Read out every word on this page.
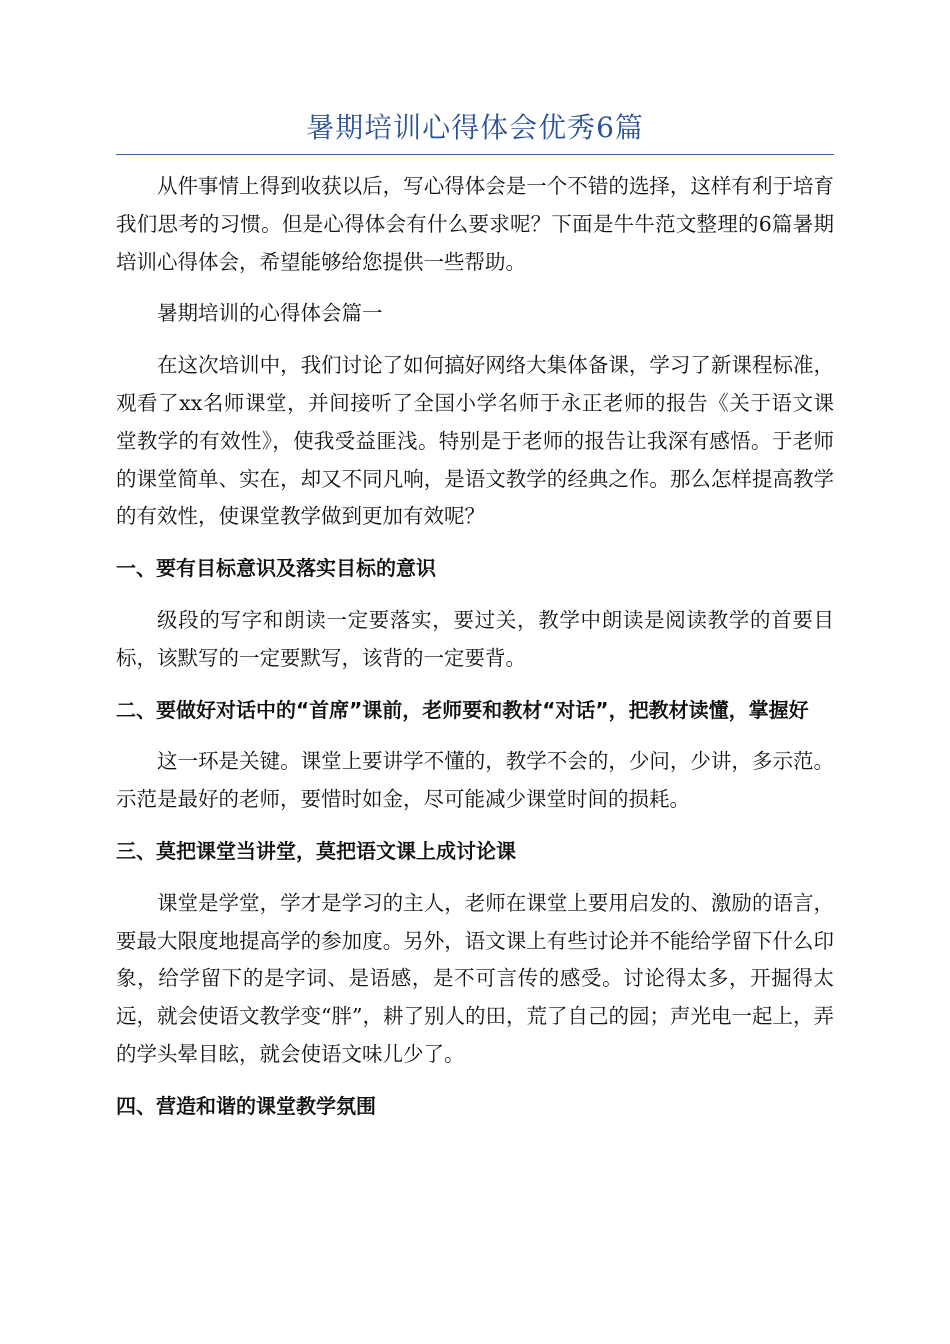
暑期培训心得体会优秀6篇

从件事情上得到收获以后，写心得体会是一个不错的选择，这样有利于培育我们思考的习惯。但是心得体会有什么要求呢？下面是牛牛范文整理的6篇暑期培训心得体会，希望能够给您提供一些帮助。

暑期培训的心得体会篇一

在这次培训中，我们讨论了如何搞好网络大集体备课，学习了新课程标准，观看了xx名师课堂，并间接听了全国小学名师于永正老师的报告《关于语文课堂教学的有效性》，使我受益匪浅。特别是于老师的报告让我深有感悟。于老师的课堂简单、实在，却又不同凡响，是语文教学的经典之作。那么怎样提高教学的有效性，使课堂教学做到更加有效呢？

一、要有目标意识及落实目标的意识

级段的写字和朗读一定要落实，要过关，教学中朗读是阅读教学的首要目标，该默写的一定要默写，该背的一定要背。

二、要做好对话中的“首席”课前，老师要和教材“对话”，把教材读懂，掌握好

这一环是关键。课堂上要讲学不懂的，教学不会的，少问，少讲，多示范。示范是最好的老师，要惜时如金，尽可能减少课堂时间的损耗。

三、莫把课堂当讲堂，莫把语文课上成讨论课

课堂是学堂，学才是学习的主人，老师在课堂上要用启发的、激励的语言，要最大限度地提高学的参加度。另外，语文课上有些讨论并不能给学留下什么印象，给学留下的是字词、是语感，是不可言传的感受。讨论得太多，开掘得太远，就会使语文教学变“胖”，耕了别人的田，荒了自己的园；声光电一起上，弄的学头晕目眩，就会使语文味儿少了。

四、营造和谐的课堂教学氛围
